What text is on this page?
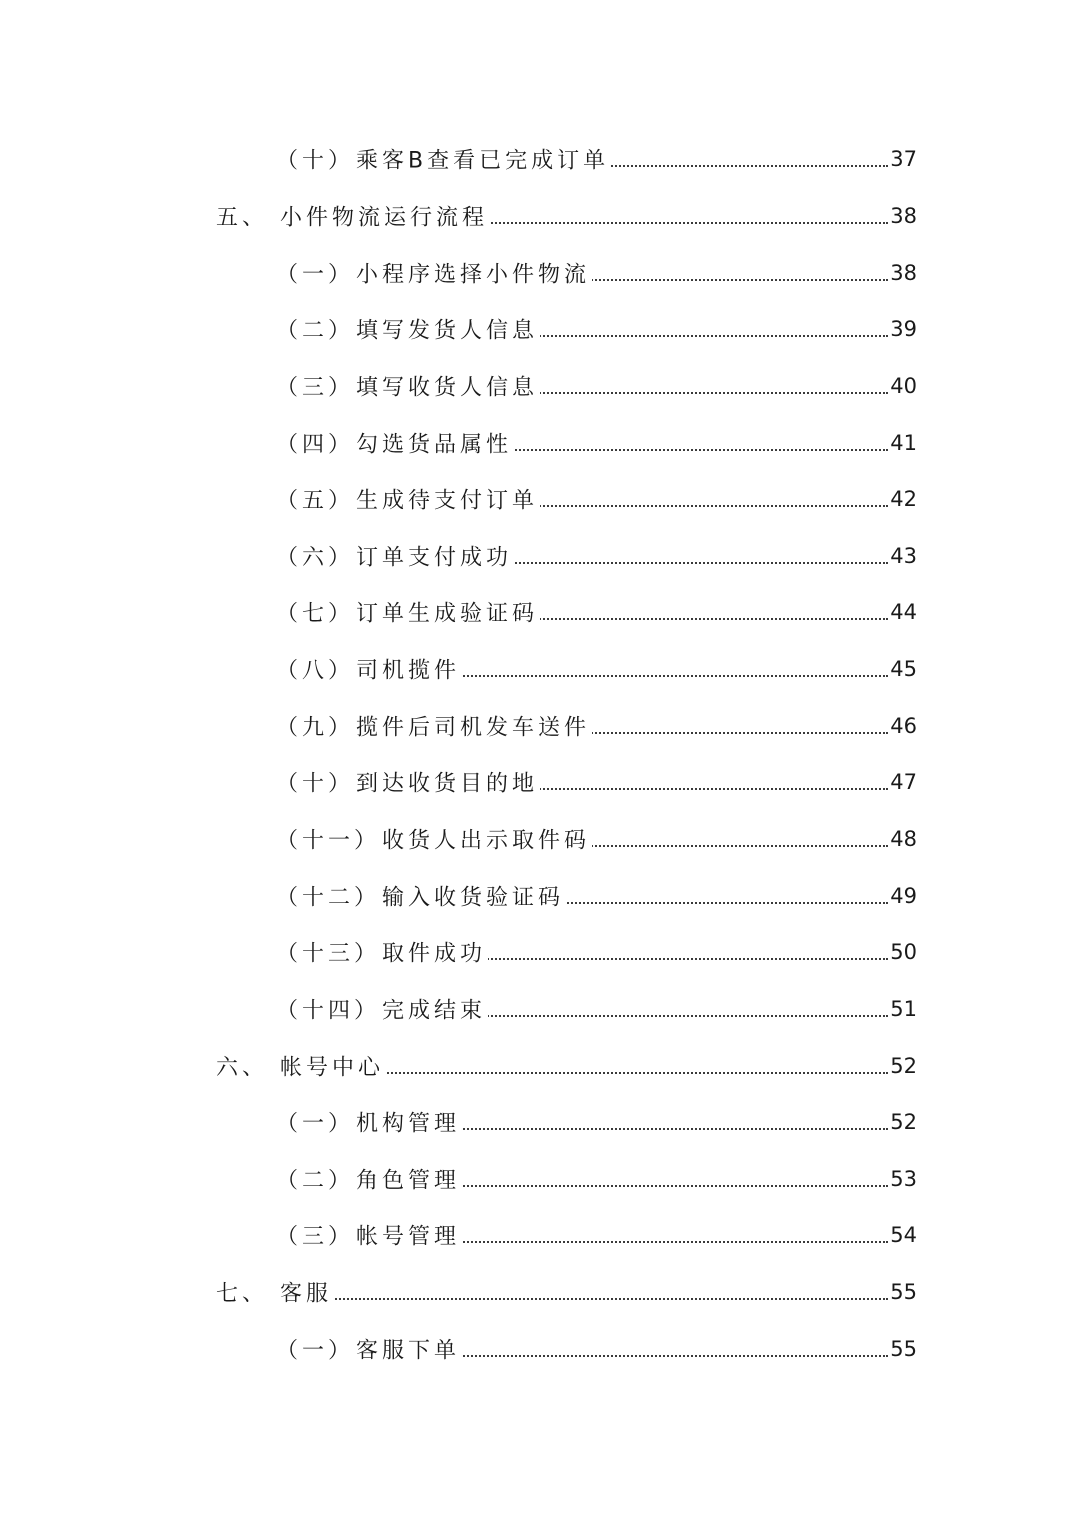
（十） 乘客B查看已完成订单	37
五、 小件物流运行流程	38
（一） 小程序选择小件物流	38
（二） 填写发货人信息	39
（三） 填写收货人信息	40
（四） 勾选货品属性	41
（五） 生成待支付订单	42
（六） 订单支付成功	43
（七） 订单生成验证码	44
（八） 司机揽件	45
（九） 揽件后司机发车送件	46
（十） 到达收货目的地	47
（十一） 收货人出示取件码	48
（十二） 输入收货验证码	49
（十三） 取件成功	50
（十四） 完成结束	51
六、 帐号中心	52
（一） 机构管理	52
（二） 角色管理	53
（三） 帐号管理	54
七、 客服	55
（一） 客服下单	55
